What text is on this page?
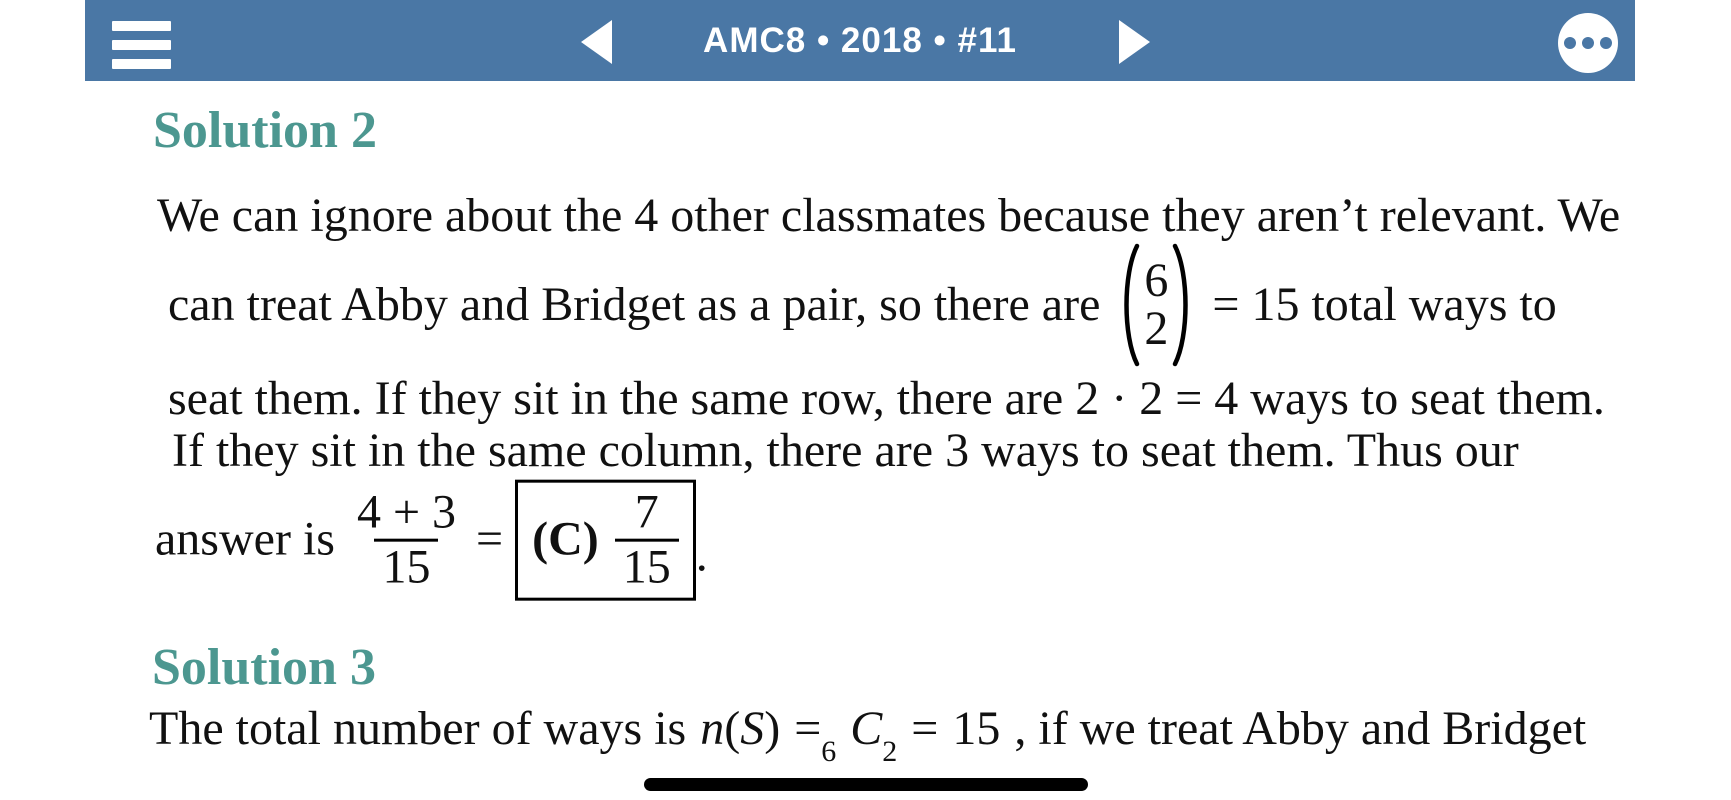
AMC8 • 2018 • #11
Solution 2
We can ignore about the 4 other classmates because they aren’t relevant. We
can treat Abby and Bridget as a pair, so there are 6
2 = 15 total ways to
seat them. If they sit in the same row, there are 2 · 2 = 4 ways to seat them.
If they sit in the same column, there are 3 ways to seat them. Thus our
answer is $\frac{4 + 3}{15} = (C) \frac{7}{15}$ .
Solution 3
The total number of ways is $n(S) =_6$ $C_2 = 15$ , if we treat Abby and Bridget
